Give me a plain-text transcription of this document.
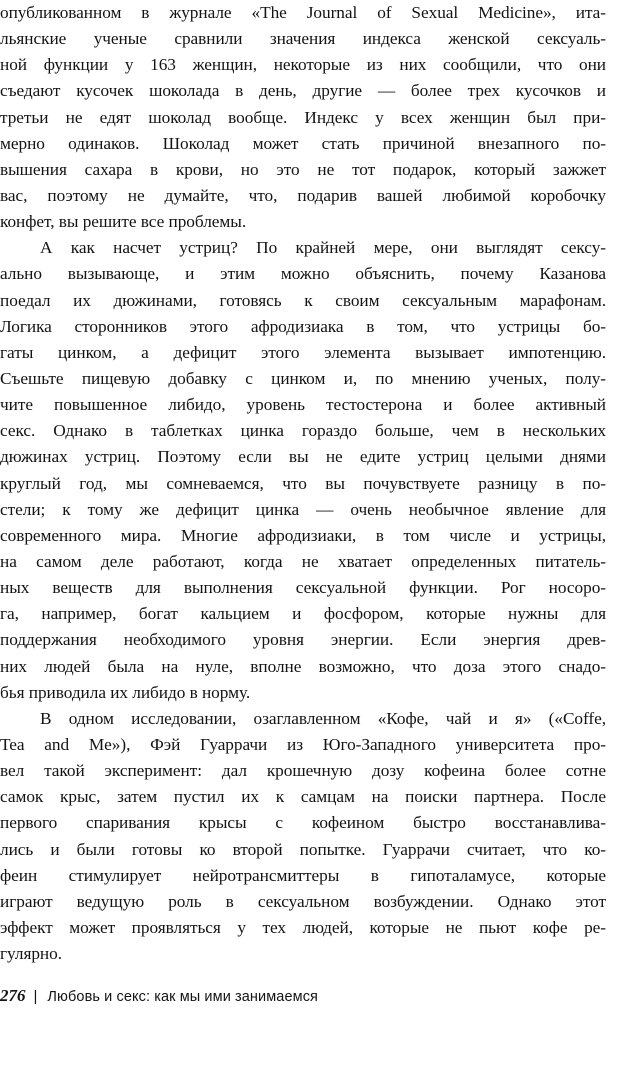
опубликованном в журнале «The Journal of Sexual Medicine», ита-
льянские ученые сравнили значения индекса женской сексуаль-
ной функции у 163 женщин, некоторые из них сообщили, что они
съедают кусочек шоколада в день, другие — более трех кусочков и
третьи не едят шоколад вообще. Индекс у всех женщин был при-
мерно одинаков. Шоколад может стать причиной внезапного по-
вышения сахара в крови, но это не тот подарок, который зажжет
вас, поэтому не думайте, что, подарив вашей любимой коробочку
конфет, вы решите все проблемы.

А как насчет устриц? По крайней мере, они выглядят сексу-
ально вызывающе, и этим можно объяснить, почему Казанова
поедал их дюжинами, готовясь к своим сексуальным марафонам.
Логика сторонников этого афродизиака в том, что устрицы бо-
гаты цинком, а дефицит этого элемента вызывает импотенцию.
Съешьте пищевую добавку с цинком и, по мнению ученых, полу-
чите повышенное либидо, уровень тестостерона и более активный
секс. Однако в таблетках цинка гораздо больше, чем в нескольких
дюжинах устриц. Поэтому если вы не едите устриц целыми днями
круглый год, мы сомневаемся, что вы почувствуете разницу в по-
стели; к тому же дефицит цинка — очень необычное явление для
современного мира. Многие афродизиаки, в том числе и устрицы,
на самом деле работают, когда не хватает определенных питатель-
ных веществ для выполнения сексуальной функции. Рог носоро-
га, например, богат кальцием и фосфором, которые нужны для
поддержания необходимого уровня энергии. Если энергия древ-
них людей была на нуле, вполне возможно, что доза этого снадо-
бья приводила их либидо в норму.

В одном исследовании, озаглавленном «Кофе, чай и я» («Coffe,
Tea and Me»), Фэй Гуаррачи из Юго-Западного университета про-
вел такой эксперимент: дал крошечную дозу кофеина более сотне
самок крыс, затем пустил их к самцам на поиски партнера. После
первого спаривания крысы с кофеином быстро восстанавлива-
лись и были готовы ко второй попытке. Гуаррачи считает, что ко-
феин стимулирует нейротрансмиттеры в гипоталамусе, которые
играют ведущую роль в сексуальном возбуждении. Однако этот
эффект может проявляться у тех людей, которые не пьют кофе ре-
гулярно.

276 | Любовь и секс: как мы ими занимаемся
